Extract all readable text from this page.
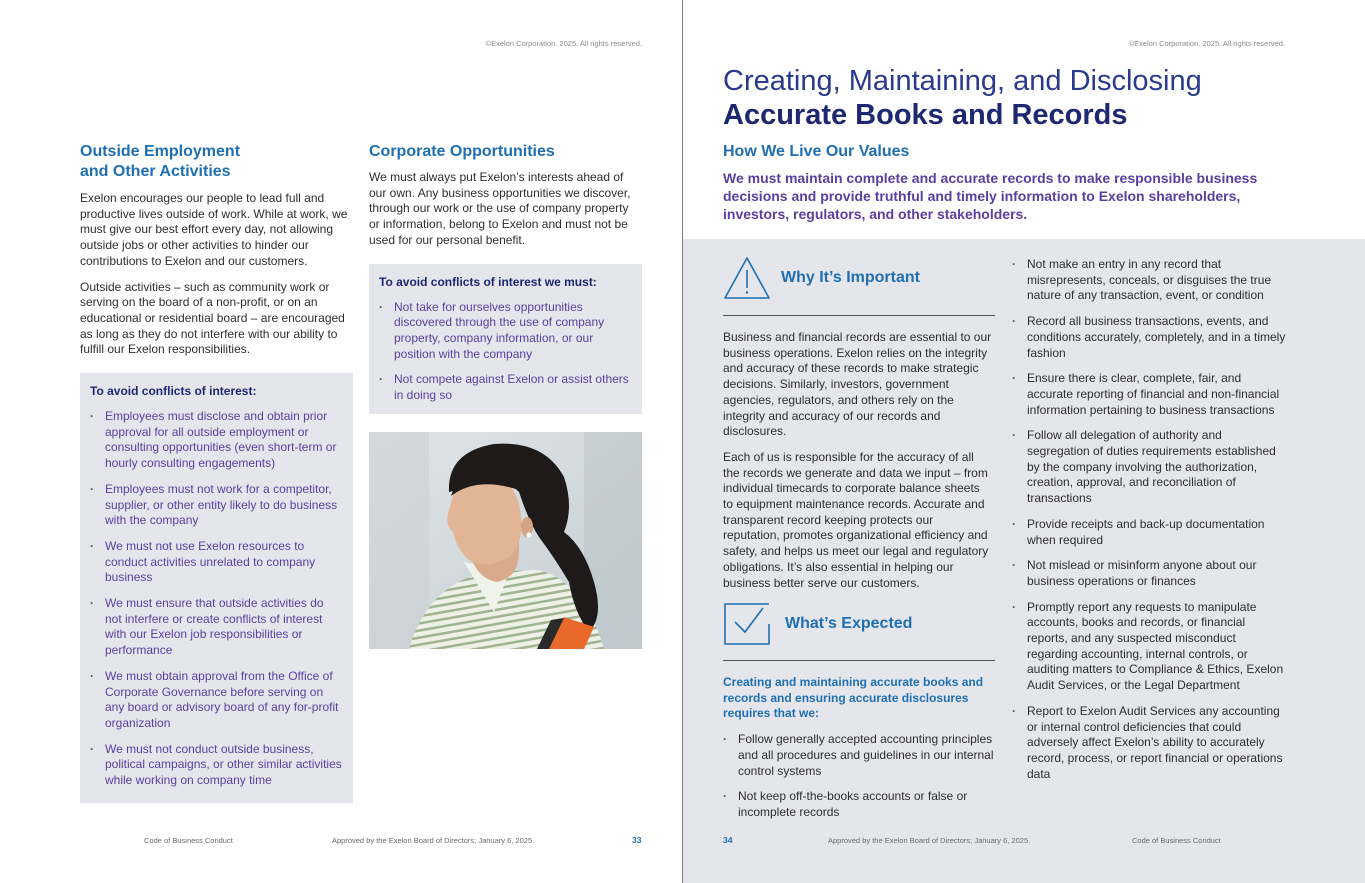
©Exelon Corporation. 2025. All rights reserved.
Outside Employment
and Other Activities

Exelon encourages our people to lead full and productive lives outside of work. While at work, we must give our best effort every day, not allowing outside jobs or other activities to hinder our contributions to Exelon and our customers.

Outside activities – such as community work or serving on the board of a non-profit, or on an educational or residential board – are encouraged as long as they do not interfere with our ability to fulfill our Exelon responsibilities.

To avoid conflicts of interest:
· Employees must disclose and obtain prior approval for all outside employment or consulting opportunities (even short-term or hourly consulting engagements)
· Employees must not work for a competitor, supplier, or other entity likely to do business with the company
· We must not use Exelon resources to conduct activities unrelated to company business
· We must ensure that outside activities do not interfere or create conflicts of interest with our Exelon job responsibilities or performance
· We must obtain approval from the Office of Corporate Governance before serving on any board or advisory board of any for-profit organization
· We must not conduct outside business, political campaigns, or other similar activities while working on company time
Corporate Opportunities

We must always put Exelon’s interests ahead of our own. Any business opportunities we discover, through our work or the use of company property or information, belong to Exelon and must not be used for our personal benefit.

To avoid conflicts of interest we must:
· Not take for ourselves opportunities discovered through the use of company property, company information, or our position with the company
· Not compete against Exelon or assist others in doing so
Code of Business Conduct	Approved by the Exelon Board of Directors; January 6, 2025.	33
©Exelon Corporation. 2025. All rights reserved.
Creating, Maintaining, and Disclosing
Accurate Books and Records
How We Live Our Values
We must maintain complete and accurate records to make responsible business decisions and provide truthful and timely information to Exelon shareholders, investors, regulators, and other stakeholders.
Why It’s Important

Business and financial records are essential to our business operations. Exelon relies on the integrity and accuracy of these records to make strategic decisions. Similarly, investors, government agencies, regulators, and others rely on the integrity and accuracy of our records and disclosures.

Each of us is responsible for the accuracy of all the records we generate and data we input – from individual timecards to corporate balance sheets to equipment maintenance records. Accurate and transparent record keeping protects our reputation, promotes organizational efficiency and safety, and helps us meet our legal and regulatory obligations. It’s also essential in helping our business better serve our customers.

What’s Expected
Creating and maintaining accurate books and records and ensuring accurate disclosures requires that we:
· Follow generally accepted accounting principles and all procedures and guidelines in our internal control systems
· Not keep off-the-books accounts or false or incomplete records
· Not make an entry in any record that misrepresents, conceals, or disguises the true nature of any transaction, event, or condition
· Record all business transactions, events, and conditions accurately, completely, and in a timely fashion
· Ensure there is clear, complete, fair, and accurate reporting of financial and non-financial information pertaining to business transactions
· Follow all delegation of authority and segregation of duties requirements established by the company involving the authorization, creation, approval, and reconciliation of transactions
· Provide receipts and back-up documentation when required
· Not mislead or misinform anyone about our business operations or finances
· Promptly report any requests to manipulate accounts, books and records, or financial reports, and any suspected misconduct regarding accounting, internal controls, or auditing matters to Compliance & Ethics, Exelon Audit Services, or the Legal Department
· Report to Exelon Audit Services any accounting or internal control deficiencies that could adversely affect Exelon’s ability to accurately record, process, or report financial or operations data
34	Approved by the Exelon Board of Directors; January 6, 2025.	Code of Business Conduct
